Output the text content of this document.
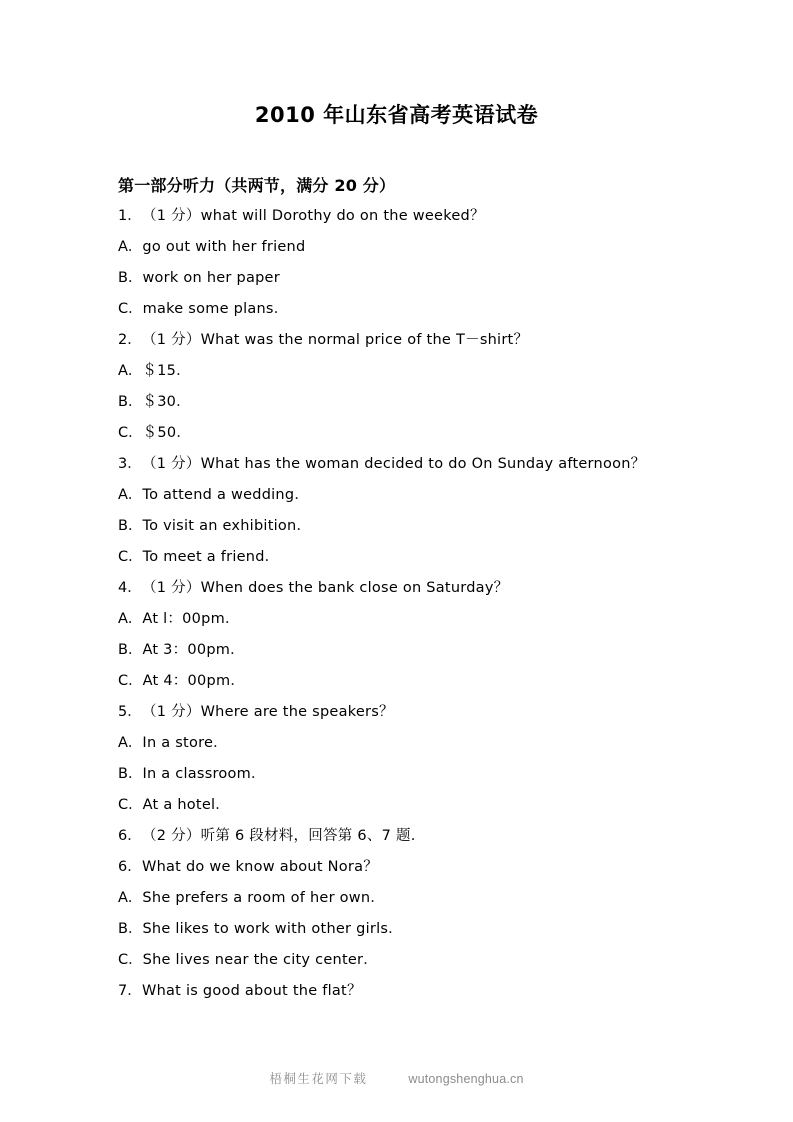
2010 年山东省高考英语试卷
第一部分听力（共两节，满分 20 分）
1．（1 分）what will Dorothy do on the weeked？
A．go out with her friend
B．work on her paper
C．make some plans．
2．（1 分）What was the normal price of the T－shirt？
A．＄15．
B．＄30．
C．＄50．
3．（1 分）What has the woman decided to do On Sunday afternoon？
A．To attend a wedding．
B．To visit an exhibition．
C．To meet a friend．
4．（1 分）When does the bank close on Saturday？
A．At l：00pm．
B．At 3：00pm．
C．At 4：00pm．
5．（1 分）Where are the speakers？
A．In a store．
B．In a classroom．
C．At a hotel．
6．（2 分）听第 6 段材料，回答第 6、7 题.
6．What do we know about Nora？
A．She prefers a room of her own．
B．She likes to work with other girls．
C．She lives near the city center．
7．What is good about the flat？
梧桐生花网下载	wutongshenghua.cn
